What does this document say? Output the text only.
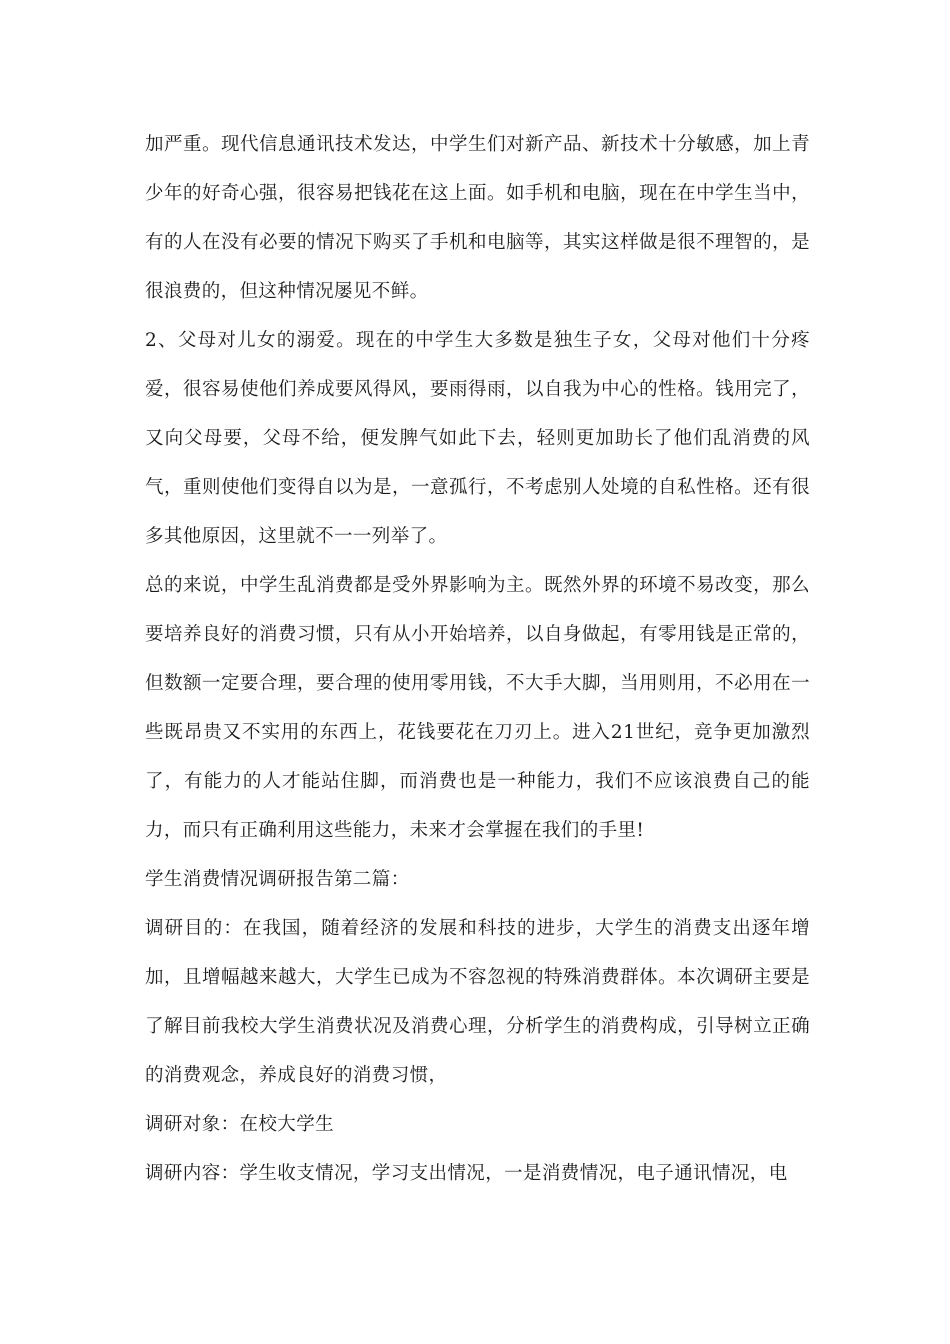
加严重。现代信息通讯技术发达，中学生们对新产品、新技术十分敏感，加上青少年的好奇心强，很容易把钱花在这上面。如手机和电脑，现在在中学生当中，有的人在没有必要的情况下购买了手机和电脑等，其实这样做是很不理智的，是很浪费的，但这种情况屡见不鲜。

2、父母对儿女的溺爱。现在的中学生大多数是独生子女，父母对他们十分疼爱，很容易使他们养成要风得风，要雨得雨，以自我为中心的性格。钱用完了，又向父母要，父母不给，便发脾气如此下去，轻则更加助长了他们乱消费的风气，重则使他们变得自以为是，一意孤行，不考虑别人处境的自私性格。还有很多其他原因，这里就不一一列举了。

总的来说，中学生乱消费都是受外界影响为主。既然外界的环境不易改变，那么要培养良好的消费习惯，只有从小开始培养，以自身做起，有零用钱是正常的，但数额一定要合理，要合理的使用零用钱，不大手大脚，当用则用，不必用在一些既昂贵又不实用的东西上，花钱要花在刀刃上。进入21世纪，竞争更加激烈了，有能力的人才能站住脚，而消费也是一种能力，我们不应该浪费自己的能力，而只有正确利用这些能力，未来才会掌握在我们的手里!

学生消费情况调研报告第二篇：

调研目的：在我国，随着经济的发展和科技的进步，大学生的消费支出逐年增加，且增幅越来越大，大学生已成为不容忽视的特殊消费群体。本次调研主要是了解目前我校大学生消费状况及消费心理，分析学生的消费构成，引导树立正确的消费观念，养成良好的消费习惯，

调研对象：在校大学生

调研内容：学生收支情况，学习支出情况，一是消费情况，电子通讯情况，电
